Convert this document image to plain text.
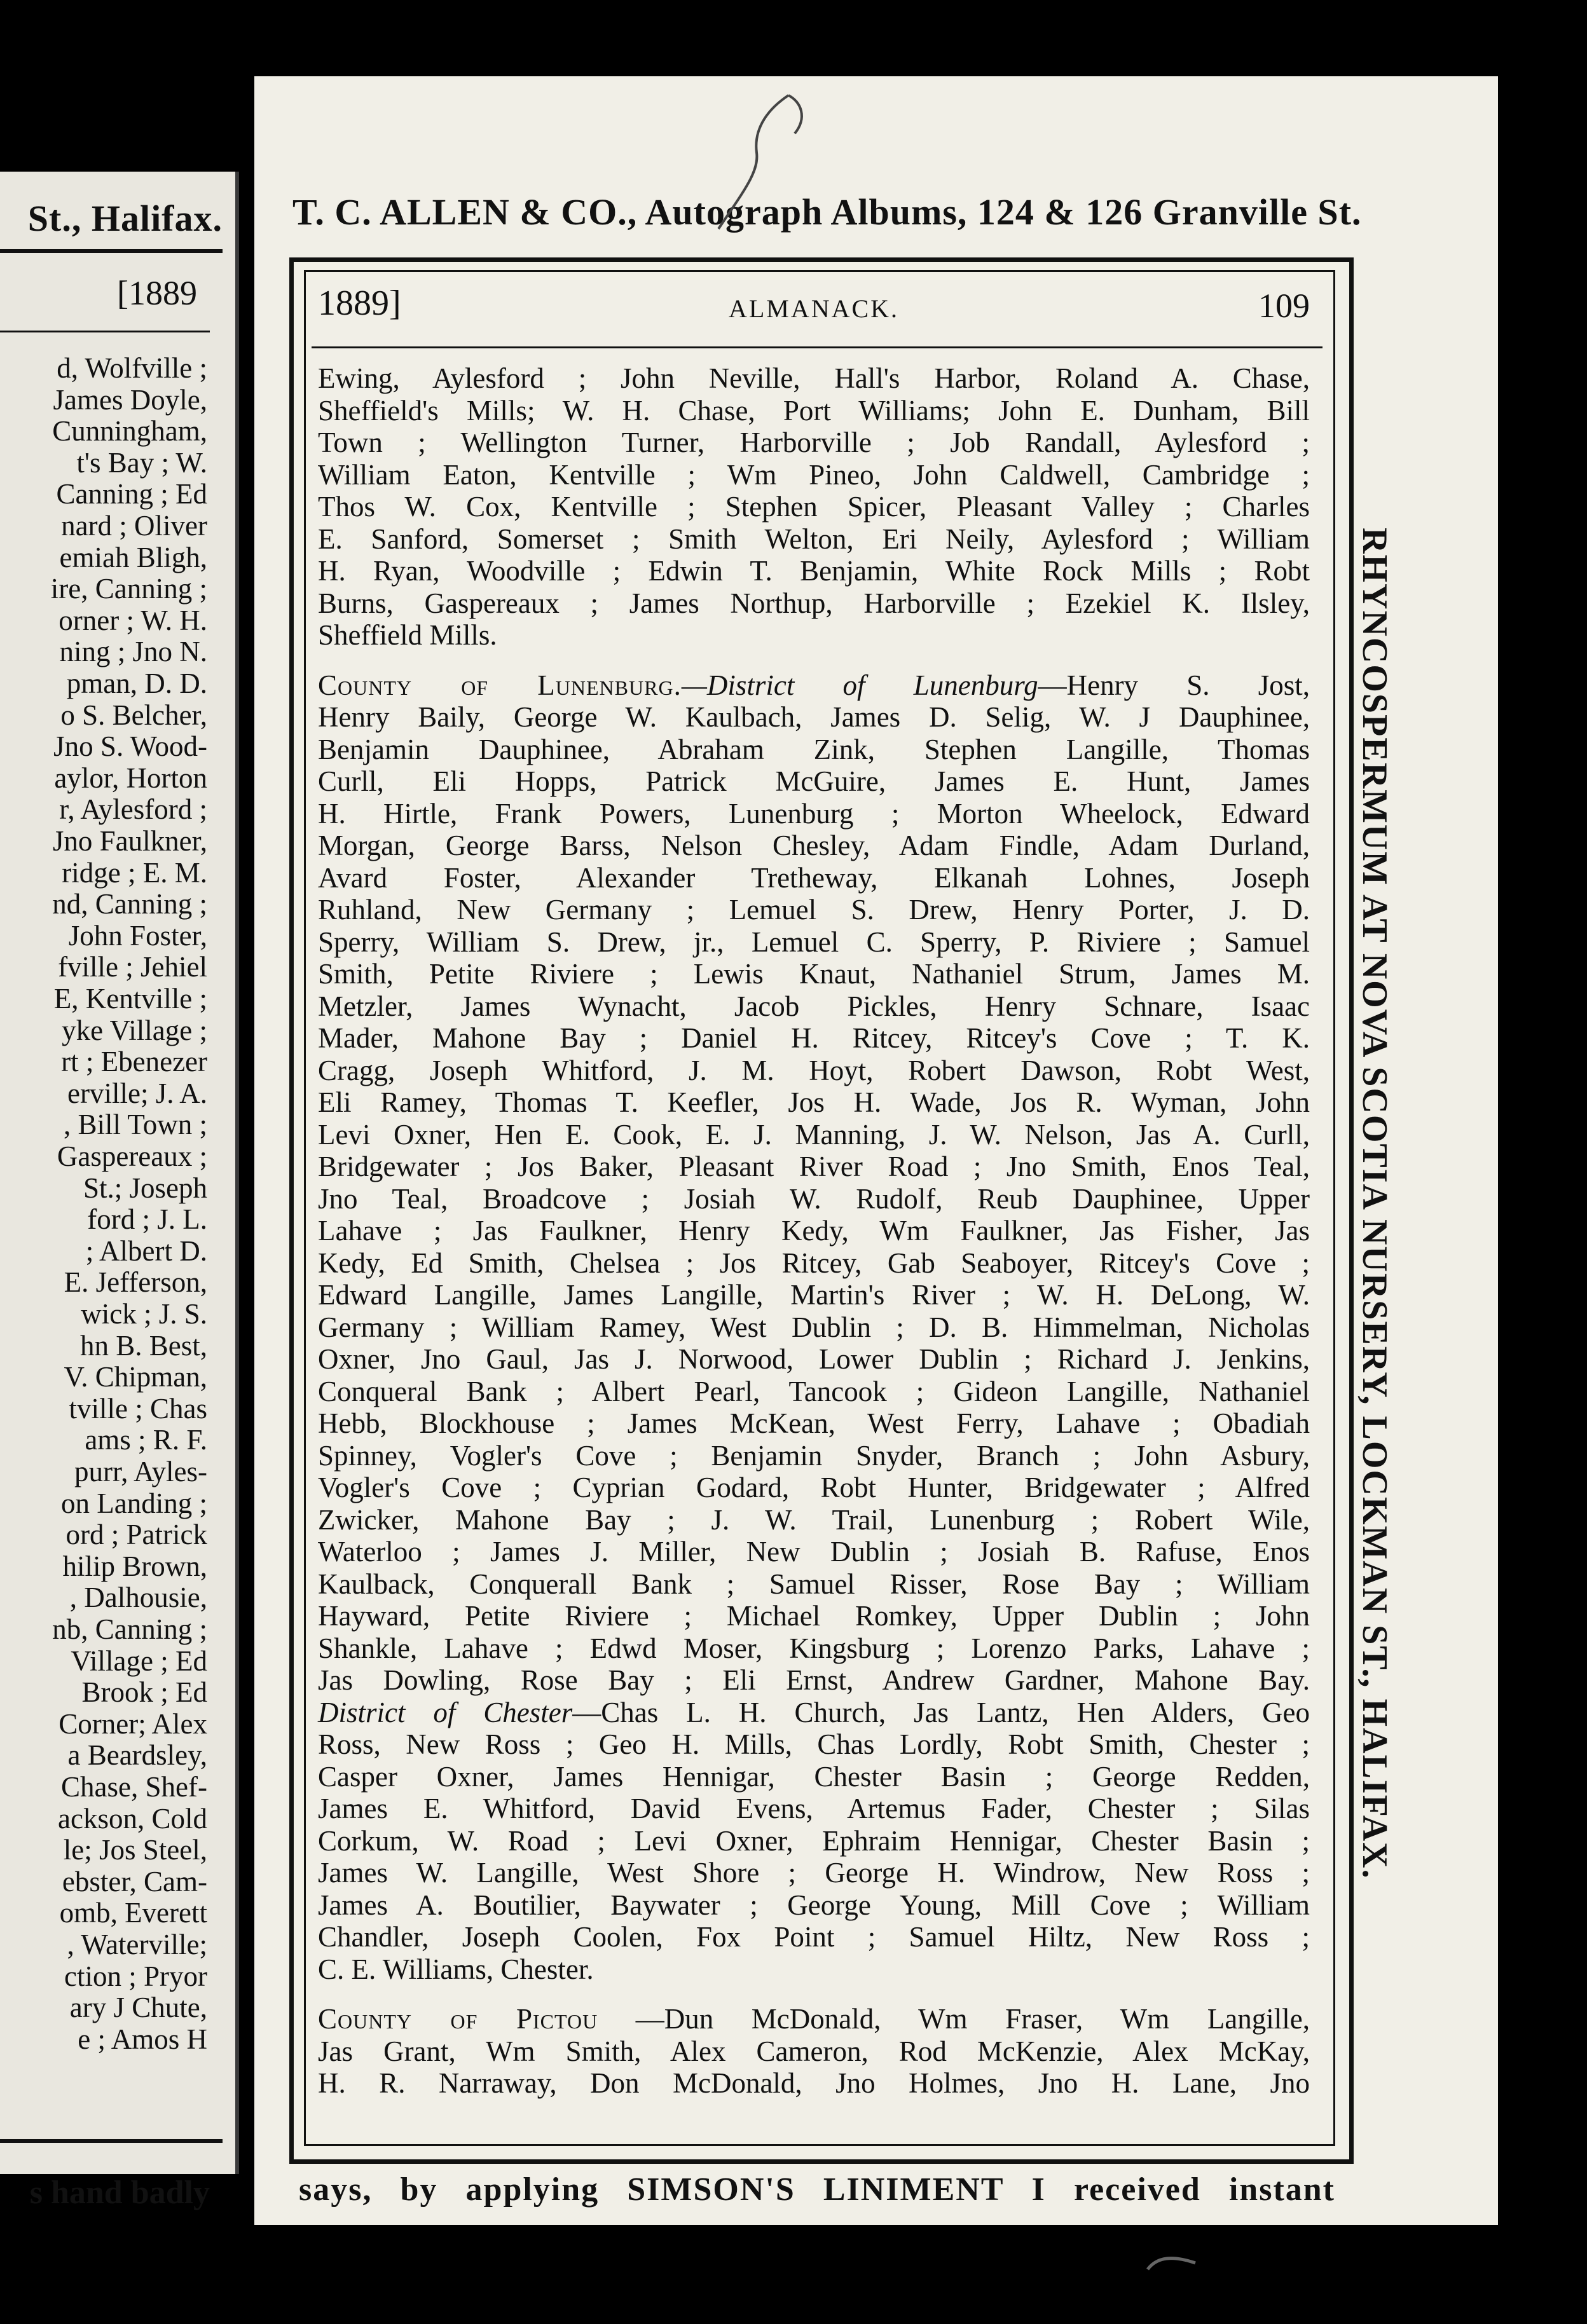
St., Halifax.
[1889
d, Wolfville ;
James Doyle,
Cunningham,
t's Bay ; W.
Canning ; Ed
nard ; Oliver
emiah Bligh,
ire, Canning ;
orner ; W. H.
ning ; Jno N.
pman, D. D.
o S. Belcher,
Jno S. Wood-
aylor, Horton
r, Aylesford ;
Jno Faulkner,
ridge ; E. M.
nd, Canning ;
John Foster,
fville ; Jehiel
E, Kentville ;
yke Village ;
rt ; Ebenezer
erville; J. A.
, Bill Town ;
Gaspereaux ;
St.; Joseph
ford ; J. L.
; Albert D.
E. Jefferson,
wick ; J. S.
hn B. Best,
V. Chipman,
tville ; Chas
ams ; R. F.
purr, Ayles-
on Landing ;
ord ; Patrick
hilip Brown,
, Dalhousie,
nb, Canning ;
Village ; Ed
Brook ; Ed
Corner; Alex
a Beardsley,
Chase, Shef-
ackson, Cold
le; Jos Steel,
ebster, Cam-
omb, Everett
, Waterville;
ction ; Pryor
ary J Chute,
e ; Amos H
s hand badly
T. C. ALLEN & CO., Autograph Albums, 124 & 126 Granville St.
1889]	ALMANACK.	109
Ewing, Aylesford ; John Neville, Hall's Harbor, Roland A. Chase,
Sheffield's Mills; W. H. Chase, Port Williams; John E. Dunham, Bill
Town ; Wellington Turner, Harborville ; Job Randall, Aylesford ;
William Eaton, Kentville ; Wm Pineo, John Caldwell, Cambridge ;
Thos W. Cox, Kentville ; Stephen Spicer, Pleasant Valley ; Charles
E. Sanford, Somerset ; Smith Welton, Eri Neily, Aylesford ; William
H. Ryan, Woodville ; Edwin T. Benjamin, White Rock Mills ; Robt
Burns, Gaspereaux ; James Northup, Harborville ; Ezekiel K. Ilsley,
Sheffield Mills.
County of Lunenburg.—District of Lunenburg—Henry S. Jost,
Henry Baily, George W. Kaulbach, James D. Selig, W. J Dauphinee,
Benjamin Dauphinee, Abraham Zink, Stephen Langille, Thomas
Curll, Eli Hopps, Patrick McGuire, James E. Hunt, James
H. Hirtle, Frank Powers, Lunenburg ; Morton Wheelock, Edward
Morgan, George Barss, Nelson Chesley, Adam Findle, Adam Durland,
Avard Foster, Alexander Tretheway, Elkanah Lohnes, Joseph
Ruhland, New Germany ; Lemuel S. Drew, Henry Porter, J. D.
Sperry, William S. Drew, jr., Lemuel C. Sperry, P. Riviere ; Samuel
Smith, Petite Riviere ; Lewis Knaut, Nathaniel Strum, James M.
Metzler, James Wynacht, Jacob Pickles, Henry Schnare, Isaac
Mader, Mahone Bay ; Daniel H. Ritcey, Ritcey's Cove ; T. K.
Cragg, Joseph Whitford, J. M. Hoyt, Robert Dawson, Robt West,
Eli Ramey, Thomas T. Keefler, Jos H. Wade, Jos R. Wyman, John
Levi Oxner, Hen E. Cook, E. J. Manning, J. W. Nelson, Jas A. Curll,
Bridgewater ; Jos Baker, Pleasant River Road ; Jno Smith, Enos Teal,
Jno Teal, Broadcove ; Josiah W. Rudolf, Reub Dauphinee, Upper
Lahave ; Jas Faulkner, Henry Kedy, Wm Faulkner, Jas Fisher, Jas
Kedy, Ed Smith, Chelsea ; Jos Ritcey, Gab Seaboyer, Ritcey's Cove ;
Edward Langille, James Langille, Martin's River ; W. H. DeLong, W.
Germany ; William Ramey, West Dublin ; D. B. Himmelman, Nicholas
Oxner, Jno Gaul, Jas J. Norwood, Lower Dublin ; Richard J. Jenkins,
Conqueral Bank ; Albert Pearl, Tancook ; Gideon Langille, Nathaniel
Hebb, Blockhouse ; James McKean, West Ferry, Lahave ; Obadiah
Spinney, Vogler's Cove ; Benjamin Snyder, Branch ; John Asbury,
Vogler's Cove ; Cyprian Godard, Robt Hunter, Bridgewater ; Alfred
Zwicker, Mahone Bay ; J. W. Trail, Lunenburg ; Robert Wile,
Waterloo ; James J. Miller, New Dublin ; Josiah B. Rafuse, Enos
Kaulback, Conquerall Bank ; Samuel Risser, Rose Bay ; William
Hayward, Petite Riviere ; Michael Romkey, Upper Dublin ; John
Shankle, Lahave ; Edwd Moser, Kingsburg ; Lorenzo Parks, Lahave ;
Jas Dowling, Rose Bay ; Eli Ernst, Andrew Gardner, Mahone Bay.
District of Chester—Chas L. H. Church, Jas Lantz, Hen Alders, Geo
Ross, New Ross ; Geo H. Mills, Chas Lordly, Robt Smith, Chester ;
Casper Oxner, James Hennigar, Chester Basin ; George Redden,
James E. Whitford, David Evens, Artemus Fader, Chester ; Silas
Corkum, W. Road ; Levi Oxner, Ephraim Hennigar, Chester Basin ;
James W. Langille, West Shore ; George H. Windrow, New Ross ;
James A. Boutilier, Baywater ; George Young, Mill Cove ; William
Chandler, Joseph Coolen, Fox Point ; Samuel Hiltz, New Ross ;
C. E. Williams, Chester.
County of Pictou —Dun McDonald, Wm Fraser, Wm Langille,
Jas Grant, Wm Smith, Alex Cameron, Rod McKenzie, Alex McKay,
H. R. Narraway, Don McDonald, Jno Holmes, Jno H. Lane, Jno
RHYNCOSPERMUM AT NOVA SCOTIA NURSERY, LOCKMAN ST., HALIFAX.
says, by applying SIMSON'S LINIMENT I received instant
